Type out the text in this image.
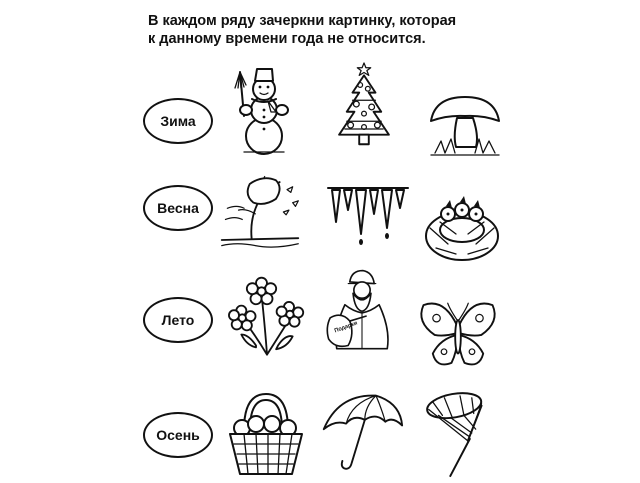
В каждом ряду зачеркни картинку, которая
к данному времени года не относится.
Зима
Весна
Лето	Подарки
Осень
